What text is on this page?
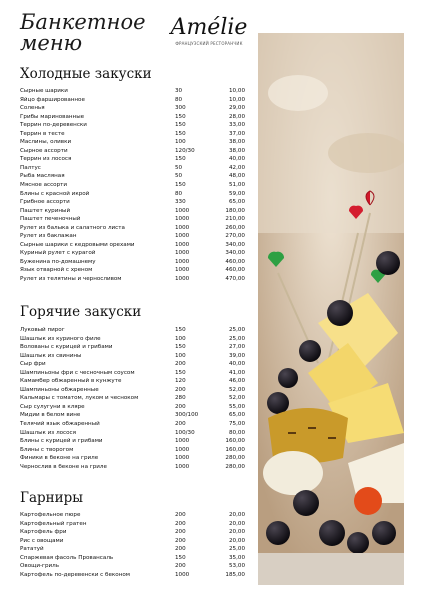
Банкетное
меню
Amélie
ФРАНЦУЗСКИЙ РЕСТОРАНЧИК
Холодные закуски
Сырные шарики	30	10,00
Яйцо фаршированное	80	10,00
Соленья	300	29,00
Грибы маринованные	150	28,00
Террин по-деревенски	150	33,00
Террин в тесте	150	37,00
Маслины, оливки	100	38,00
Сырное ассорти	120/30	38,00
Террин из лосося	150	40,00
Палтус	50	42,00
Рыба масляная	50	48,00
Мясное ассорти	150	51,00
Блины с красной икрой	80	59,00
Грибное ассорти	330	65,00
Паштет куриный	1000	180,00
Паштет печеночный	1000	210,00
Рулет из балыка и салатного листа	1000	260,00
Рулет из баклажан	1000	270,00
Сырные шарики с кедровыми орехами	1000	340,00
Куриный рулет с курагой	1000	340,00
Буженина по-домашнему	1000	460,00
Язык отварной с хреном	1000	460,00
Рулет из телятины и черносливом	1000	470,00
Горячие закуски
Луковый пирог	150	25,00
Шашлык из куриного филе	100	25,00
Волованы с курицей и грибами	150	27,00
Шашлык из свинины	100	39,00
Сыр фри	200	40,00
Шампиньоны фри с чесночным соусом	150	41,00
Камамбер обжаренный в кунжуте	120	46,00
Шампиньоны обжаренные	200	52,00
Кальмары с томатом, луком и чесноком	280	52,00
Сыр сулугуни в кляре	200	55,00
Мидии в белом вине	300/100	65,00
Телячий язык обжаренный	200	75,00
Шашлык из лосося	100/30	80,00
Блины с курицей и грибами	1000	160,00
Блины с творогом	1000	160,00
Финики в беконе на гриле	1000	280,00
Чернослив в беконе на гриле	1000	280,00
Гарниры
Картофельное пюре	200	20,00
Картофельный гратен	200	20,00
Картофель фри	200	20,00
Рис с овощами	200	20,00
Рататуй	200	25,00
Спаржевая фасоль Провансаль	150	35,00
Овощи-гриль	200	53,00
Картофель по-деревенски с беконом	1000	185,00
